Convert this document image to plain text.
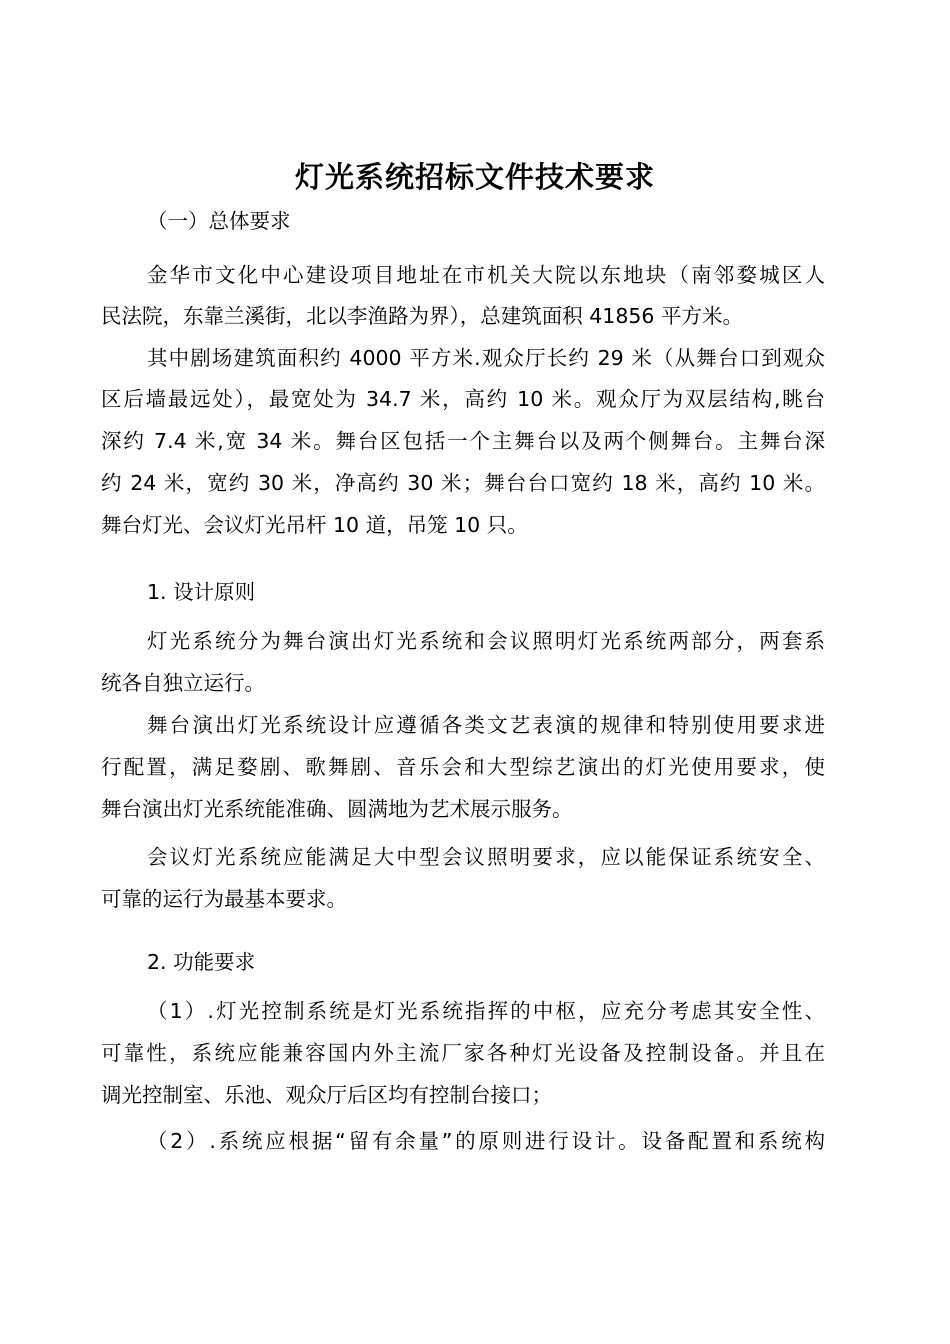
灯光系统招标文件技术要求
（一）总体要求
金华市文化中心建设项目地址在市机关大院以东地块（南邻婺城区人
民法院，东靠兰溪街，北以李渔路为界），总建筑面积 41856 平方米。
其中剧场建筑面积约 4000 平方米.观众厅长约 29 米（从舞台口到观众
区后墙最远处），最宽处为 34.7 米，高约 10 米。观众厅为双层结构,眺台
深约 7.4 米,宽 34 米。舞台区包括一个主舞台以及两个侧舞台。主舞台深
约 24 米，宽约 30 米，净高约 30 米；舞台台口宽约 18 米，高约 10 米。
舞台灯光、会议灯光吊杆 10 道，吊笼 10 只。
1. 设计原则
灯光系统分为舞台演出灯光系统和会议照明灯光系统两部分，两套系
统各自独立运行。
舞台演出灯光系统设计应遵循各类文艺表演的规律和特别使用要求进
行配置，满足婺剧、歌舞剧、音乐会和大型综艺演出的灯光使用要求，使
舞台演出灯光系统能准确、圆满地为艺术展示服务。
会议灯光系统应能满足大中型会议照明要求，应以能保证系统安全、
可靠的运行为最基本要求。
2. 功能要求
（1）.灯光控制系统是灯光系统指挥的中枢，应充分考虑其安全性、
可靠性，系统应能兼容国内外主流厂家各种灯光设备及控制设备。并且在
调光控制室、乐池、观众厅后区均有控制台接口；
（2）.系统应根据“留有余量”的原则进行设计。设备配置和系统构
